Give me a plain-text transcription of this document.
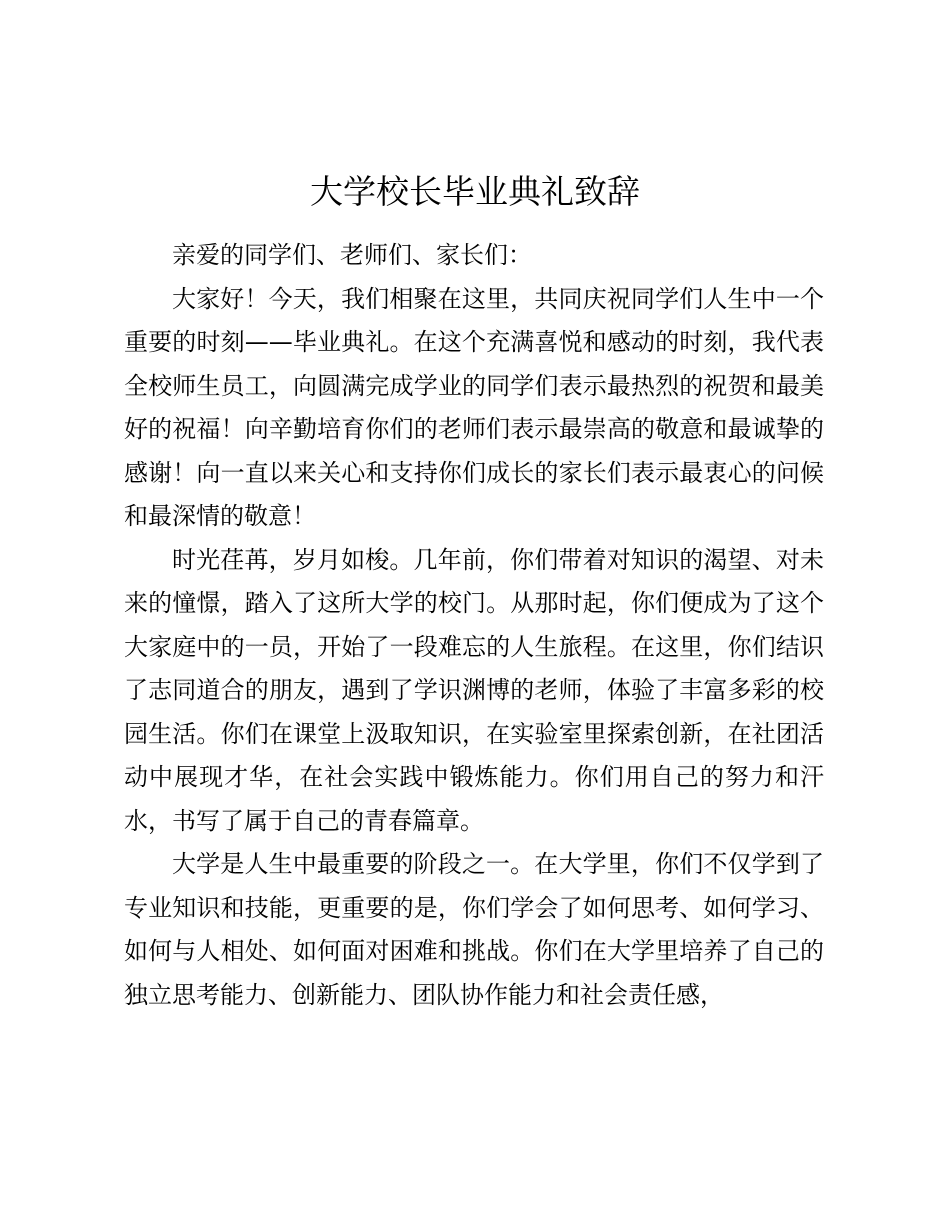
大学校长毕业典礼致辞

亲爱的同学们、老师们、家长们：

大家好！今天，我们相聚在这里，共同庆祝同学们人生中一个重要的时刻——毕业典礼。在这个充满喜悦和感动的时刻，我代表全校师生员工，向圆满完成学业的同学们表示最热烈的祝贺和最美好的祝福！向辛勤培育你们的老师们表示最崇高的敬意和最诚挚的感谢！向一直以来关心和支持你们成长的家长们表示最衷心的问候和最深情的敬意！

时光荏苒，岁月如梭。几年前，你们带着对知识的渴望、对未来的憧憬，踏入了这所大学的校门。从那时起，你们便成为了这个大家庭中的一员，开始了一段难忘的人生旅程。在这里，你们结识了志同道合的朋友，遇到了学识渊博的老师，体验了丰富多彩的校园生活。你们在课堂上汲取知识，在实验室里探索创新，在社团活动中展现才华，在社会实践中锻炼能力。你们用自己的努力和汗水，书写了属于自己的青春篇章。

大学是人生中最重要的阶段之一。在大学里，你们不仅学到了专业知识和技能，更重要的是，你们学会了如何思考、如何学习、如何与人相处、如何面对困难和挑战。你们在大学里培养了自己的独立思考能力、创新能力、团队协作能力和社会责任感，
